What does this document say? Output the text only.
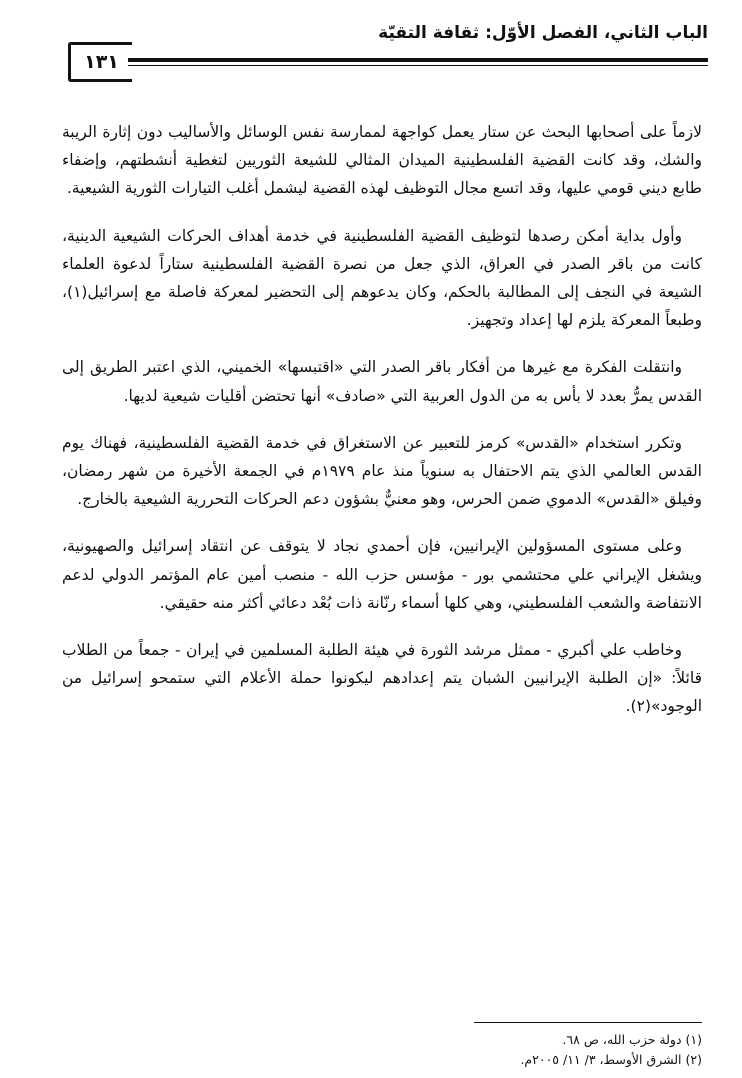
الباب الثاني، الفصل الأوّل: ثقافة التقيّة
١٣١

لازماً على أصحابها البحث عن ستار يعمل كواجهة لممارسة نفس الوسائل والأساليب دون إثارة الريبة والشك، وقد كانت القضية الفلسطينية الميدان المثالي للشيعة الثوريين لتغطية أنشطتهم، وإضفاء طابع ديني قومي عليها، وقد اتسع مجال التوظيف لهذه القضية ليشمل أغلب التيارات الثورية الشيعية.

وأول بداية أمكن رصدها لتوظيف القضية الفلسطينية في خدمة أهداف الحركات الشيعية الدينية، كانت من باقر الصدر في العراق، الذي جعل من نصرة القضية الفلسطينية ستاراً لدعوة العلماء الشيعة في النجف إلى المطالبة بالحكم، وكان يدعوهم إلى التحضير لمعركة فاصلة مع إسرائيل(١)، وطبعاً المعركة يلزم لها إعداد وتجهيز.

وانتقلت الفكرة مع غيرها من أفكار باقر الصدر التي «اقتبسها» الخميني، الذي اعتبر الطريق إلى القدس يمرُّ بعدد لا بأس به من الدول العربية التي «صادف» أنها تحتضن أقليات شيعية لديها.

وتكرر استخدام «القدس» كرمز للتعبير عن الاستغراق في خدمة القضية الفلسطينية، فهناك يوم القدس العالمي الذي يتم الاحتفال به سنوياً منذ عام ١٩٧٩م في الجمعة الأخيرة من شهر رمضان، وفيلق «القدس» الدموي ضمن الحرس، وهو معنيٌّ بشؤون دعم الحركات التحررية الشيعية بالخارج.

وعلى مستوى المسؤولين الإيرانيين، فإن أحمدي نجاد لا يتوقف عن انتقاد إسرائيل والصهيونية، ويشغل الإيراني علي محتشمي بور - مؤسس حزب الله - منصب أمين عام المؤتمر الدولي لدعم الانتفاضة والشعب الفلسطيني، وهي كلها أسماء رنّانة ذات بُعْد دعائي أكثر منه حقيقي.

وخاطب علي أكبري - ممثل مرشد الثورة في هيئة الطلبة المسلمين في إيران - جمعاً من الطلاب قائلاً: «إن الطلبة الإيرانيين الشبان يتم إعدادهم ليكونوا حملة الأعلام التي ستمحو إسرائيل من الوجود»(٢).

(١) دولة حزب الله، ص ٦٨.
(٢) الشرق الأوسط، ٣/ ١١/ ٢٠٠٥م.
